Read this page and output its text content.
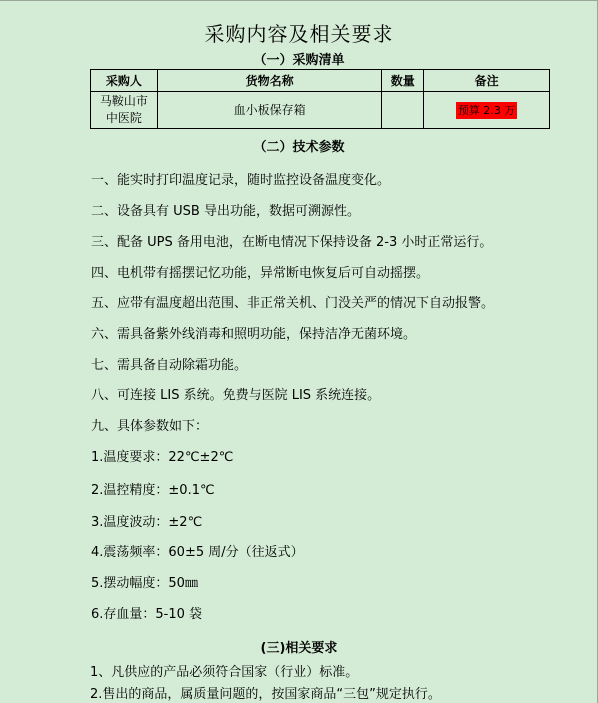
采购内容及相关要求
（一）采购清单
采购人	货物名称	数量	备注
马鞍山市
中医院	血小板保存箱		预算 2.3 万
（二）技术参数
一、能实时打印温度记录，随时监控设备温度变化。
二、设备具有 USB 导出功能，数据可溯源性。
三、配备 UPS 备用电池，在断电情况下保持设备 2-3 小时正常运行。
四、电机带有摇摆记忆功能，异常断电恢复后可自动摇摆。
五、应带有温度超出范围、非正常关机、门没关严的情况下自动报警。
六、需具备紫外线消毒和照明功能，保持洁净无菌环境。
七、需具备自动除霜功能。
八、可连接 LIS 系统。免费与医院 LIS 系统连接。
九、具体参数如下：
1.温度要求：22℃±2℃
2.温控精度：±0.1℃
3.温度波动：±2℃
4.震荡频率：60±5 周/分（往返式）
5.摆动幅度：50㎜
6.存血量：5-10 袋
(三)相关要求
1、凡供应的产品必须符合国家（行业）标准。
2.售出的商品，属质量问题的，按国家商品“三包”规定执行。
